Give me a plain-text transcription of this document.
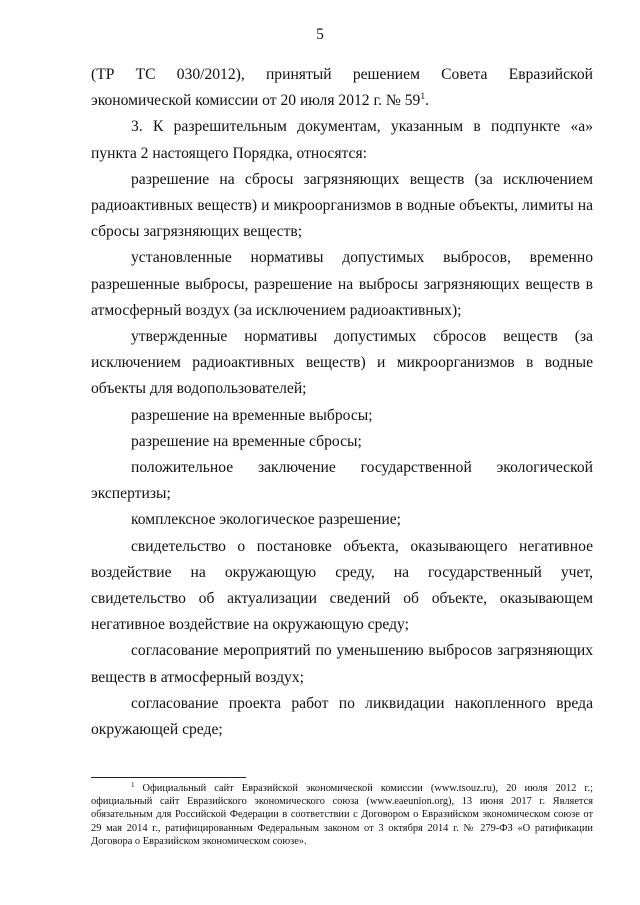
5

(ТР ТС 030/2012), принятый решением Совета Евразийской экономической комиссии от 20 июля 2012 г. № $59^1$.

3. К разрешительным документам, указанным в подпункте «а» пункта 2 настоящего Порядка, относятся:

разрешение на сбросы загрязняющих веществ (за исключением радиоактивных веществ) и микроорганизмов в водные объекты, лимиты на сбросы загрязняющих веществ;

установленные нормативы допустимых выбросов, временно разрешенные выбросы, разрешение на выбросы загрязняющих веществ в атмосферный воздух (за исключением радиоактивных);

утвержденные нормативы допустимых сбросов веществ (за исключением радиоактивных веществ) и микроорганизмов в водные объекты для водопользователей;

разрешение на временные выбросы;

разрешение на временные сбросы;

положительное заключение государственной экологической экспертизы;

комплексное экологическое разрешение;

свидетельство о постановке объекта, оказывающего негативное воздействие на окружающую среду, на государственный учет, свидетельство об актуализации сведений об объекте, оказывающем негативное воздействие на окружающую среду;

согласование мероприятий по уменьшению выбросов загрязняющих веществ в атмосферный воздух;

согласование проекта работ по ликвидации накопленного вреда окружающей среде;

$^1$ Официальный сайт Евразийской экономической комиссии (www.tsouz.ru), 20 июля 2012 г.; официальный сайт Евразийского экономического союза (www.eaeunion.org), 13 июня 2017 г. Является обязательным для Российской Федерации в соответствии с Договором о Евразийском экономическом союзе от 29 мая 2014 г., ратифицированным Федеральным законом от 3 октября 2014 г. № 279-ФЗ «О ратификации Договора о Евразийском экономическом союзе».
